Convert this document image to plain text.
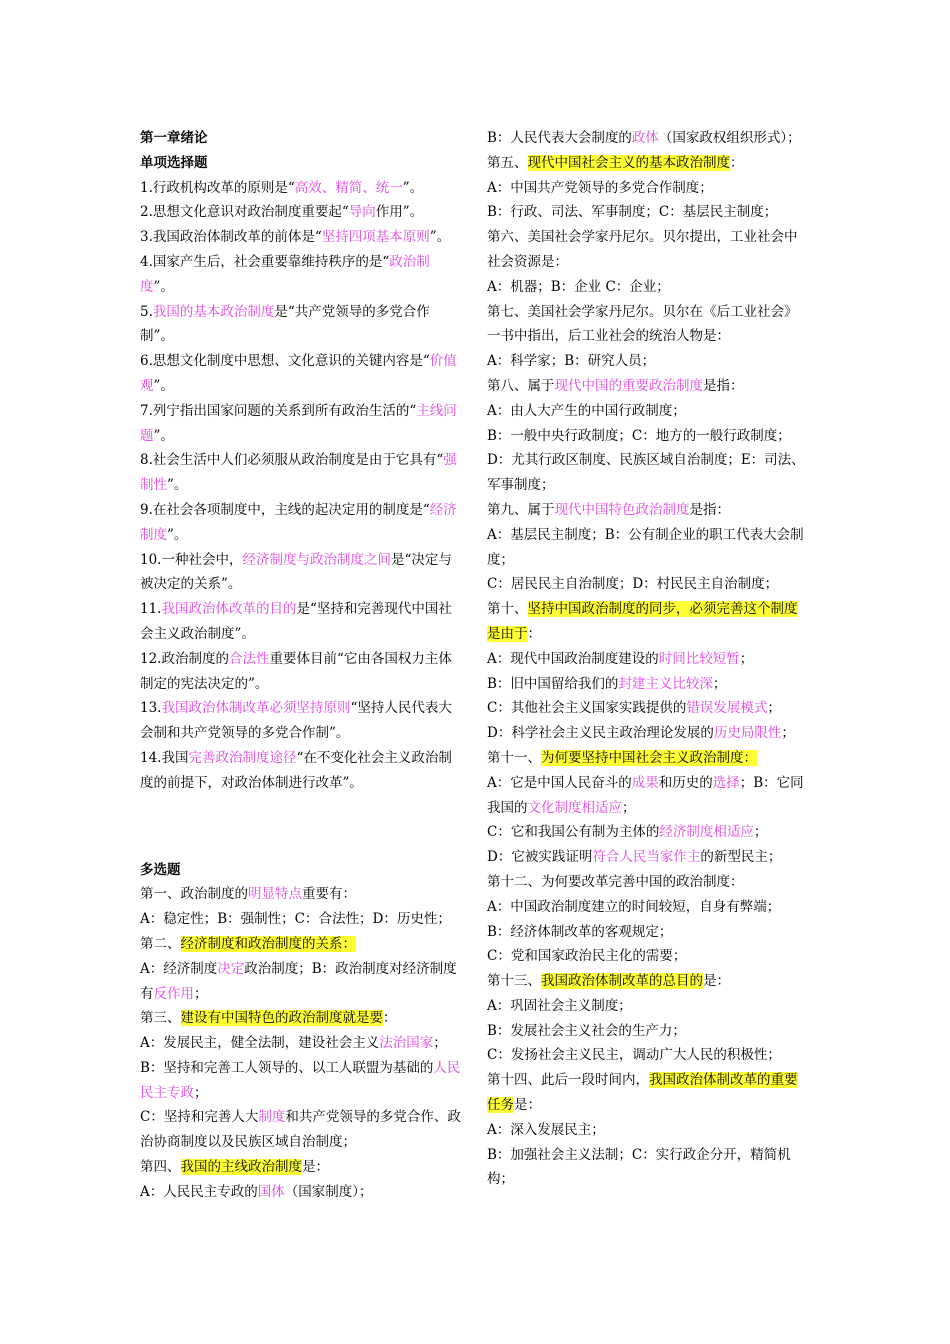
第一章绪论
单项选择题
1.行政机构改革的原则是“高效、精简、统一”。
2.思想文化意识对政治制度重要起“导向作用”。
3.我国政治体制改革的前体是“坚持四项基本原则”。
4.国家产生后，社会重要靠维持秩序的是“政治制度”。
5.我国的基本政治制度是“共产党领导的多党合作制”。
6.思想文化制度中思想、文化意识的关键内容是“价值观”。
7.列宁指出国家问题的关系到所有政治生活的“主线问题”。
8.社会生活中人们必须服从政治制度是由于它具有“强制性”。
9.在社会各项制度中，主线的起决定用的制度是“经济制度”。
10.一种社会中，经济制度与政治制度之间是“决定与被决定的关系”。
11.我国政治体改革的目的是“坚持和完善现代中国社会主义政治制度”。
12.政治制度的合法性重要体目前“它由各国权力主体制定的宪法决定的”。
13.我国政治体制改革必须坚持原则“坚持人民代表大会制和共产党领导的多党合作制”。
14.我国完善政治制度途径“在不变化社会主义政治制度的前提下，对政治体制进行改革”。
多选题
第一、政治制度的明显特点重要有：
A：稳定性；B：强制性；C：合法性；D：历史性；
第二、经济制度和政治制度的关系：
A：经济制度决定政治制度；B：政治制度对经济制度有反作用；
第三、建设有中国特色的政治制度就是要：
A：发展民主，健全法制，建设社会主义法治国家；
B：坚持和完善工人领导的、以工人联盟为基础的人民民主专政；
C：坚持和完善人大制度和共产党领导的多党合作、政治协商制度以及民族区域自治制度；
第四、我国的主线政治制度是：
A：人民民主专政的国体（国家制度）；
B：人民代表大会制度的政体（国家政权组织形式）；
第五、现代中国社会主义的基本政治制度：
A：中国共产党领导的多党合作制度；
B：行政、司法、军事制度；C：基层民主制度；
第六、美国社会学家丹尼尔。贝尔提出，工业社会中社会资源是：
A：机器；B：企业 C：企业；
第七、美国社会学家丹尼尔。贝尔在《后工业社会》一书中指出，后工业社会的统治人物是：
A：科学家；B：研究人员；
第八、属于现代中国的重要政治制度是指：
A：由人大产生的中国行政制度；
B：一般中央行政制度；C：地方的一般行政制度；
D：尤其行政区制度、民族区域自治制度；E：司法、军事制度；
第九、属于现代中国特色政治制度是指：
A：基层民主制度；B：公有制企业的职工代表大会制度；
C：居民民主自治制度；D：村民民主自治制度；
第十、坚持中国政治制度的同步，必须完善这个制度是由于：
A：现代中国政治制度建设的时间比较短暂；
B：旧中国留给我们的封建主义比较深；
C：其他社会主义国家实践提供的错误发展模式；
D：科学社会主义民主政治理论发展的历史局限性；
第十一、为何要坚持中国社会主义政治制度：
A：它是中国人民奋斗的成果和历史的选择；B：它同我国的文化制度相适应；
C：它和我国公有制为主体的经济制度相适应；
D：它被实践证明符合人民当家作主的新型民主；
第十二、为何要改革完善中国的政治制度：
A：中国政治制度建立的时间较短，自身有弊端；
B：经济体制改革的客观规定；
C：党和国家政治民主化的需要；
第十三、我国政治体制改革的总目的是：
A：巩固社会主义制度；
B：发展社会主义社会的生产力；
C：发扬社会主义民主，调动广大人民的积极性；
第十四、此后一段时间内，我国政治体制改革的重要任务是：
A：深入发展民主；
B：加强社会主义法制；C：实行政企分开，精简机构；
